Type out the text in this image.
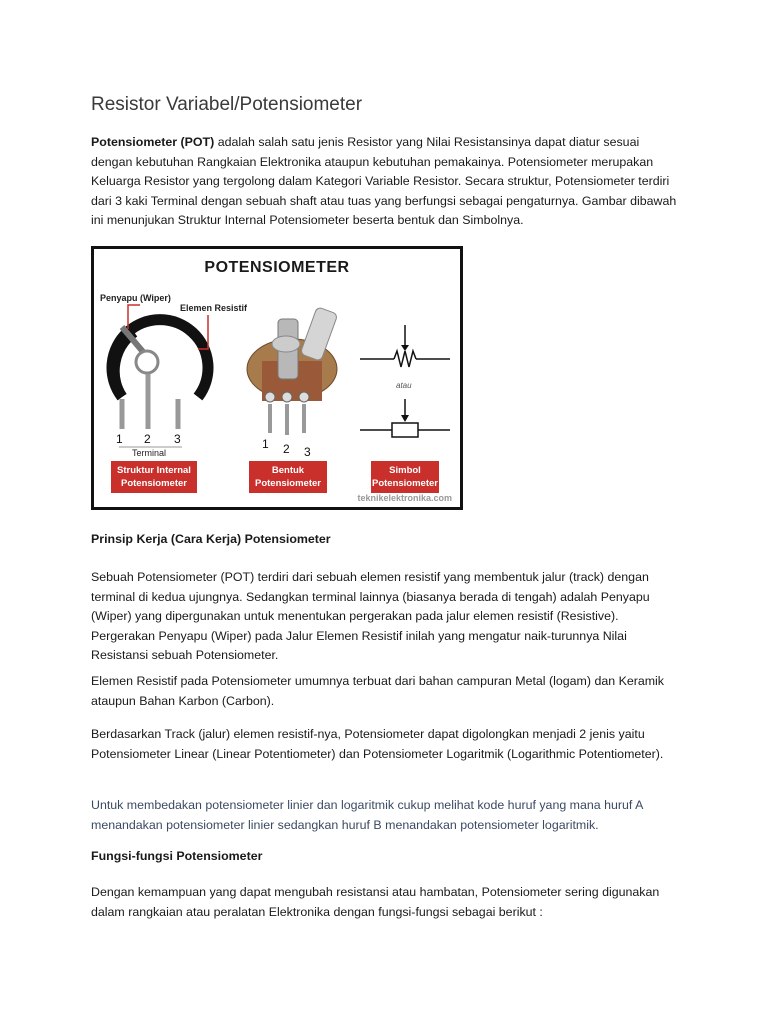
Resistor Variabel/Potensiometer
Potensiometer (POT) adalah salah satu jenis Resistor yang Nilai Resistansinya dapat diatur sesuai dengan kebutuhan Rangkaian Elektronika ataupun kebutuhan pemakainya. Potensiometer merupakan Keluarga Resistor yang tergolong dalam Kategori Variable Resistor. Secara struktur, Potensiometer terdiri dari 3 kaki Terminal dengan sebuah shaft atau tuas yang berfungsi sebagai pengaturnya. Gambar dibawah ini menunjukan Struktur Internal Potensiometer beserta bentuk dan Simbolnya.
POTENSIOMETER
Penyapu (Wiper)
Elemen Resistif
1 2 3
Terminal
1 2 3
atau
Struktur Internal Potensiometer
Bentuk Potensiometer
Simbol Potensiometer
teknikelektronika.com
Prinsip Kerja (Cara Kerja) Potensiometer
Sebuah Potensiometer (POT) terdiri dari sebuah elemen resistif yang membentuk jalur (track) dengan terminal di kedua ujungnya. Sedangkan terminal lainnya (biasanya berada di tengah) adalah Penyapu (Wiper) yang dipergunakan untuk menentukan pergerakan pada jalur elemen resistif (Resistive). Pergerakan Penyapu (Wiper) pada Jalur Elemen Resistif inilah yang mengatur naik-turunnya Nilai Resistansi sebuah Potensiometer.
Elemen Resistif pada Potensiometer umumnya terbuat dari bahan campuran Metal (logam) dan Keramik ataupun Bahan Karbon (Carbon).
Berdasarkan Track (jalur) elemen resistif-nya, Potensiometer dapat digolongkan menjadi 2 jenis yaitu Potensiometer Linear (Linear Potentiometer) dan Potensiometer Logaritmik (Logarithmic Potentiometer).
Untuk membedakan potensiometer linier dan logaritmik cukup melihat kode huruf yang mana huruf A menandakan potensiometer linier sedangkan huruf B menandakan potensiometer logaritmik.
Fungsi-fungsi Potensiometer
Dengan kemampuan yang dapat mengubah resistansi atau hambatan, Potensiometer sering digunakan dalam rangkaian atau peralatan Elektronika dengan fungsi-fungsi sebagai berikut :
